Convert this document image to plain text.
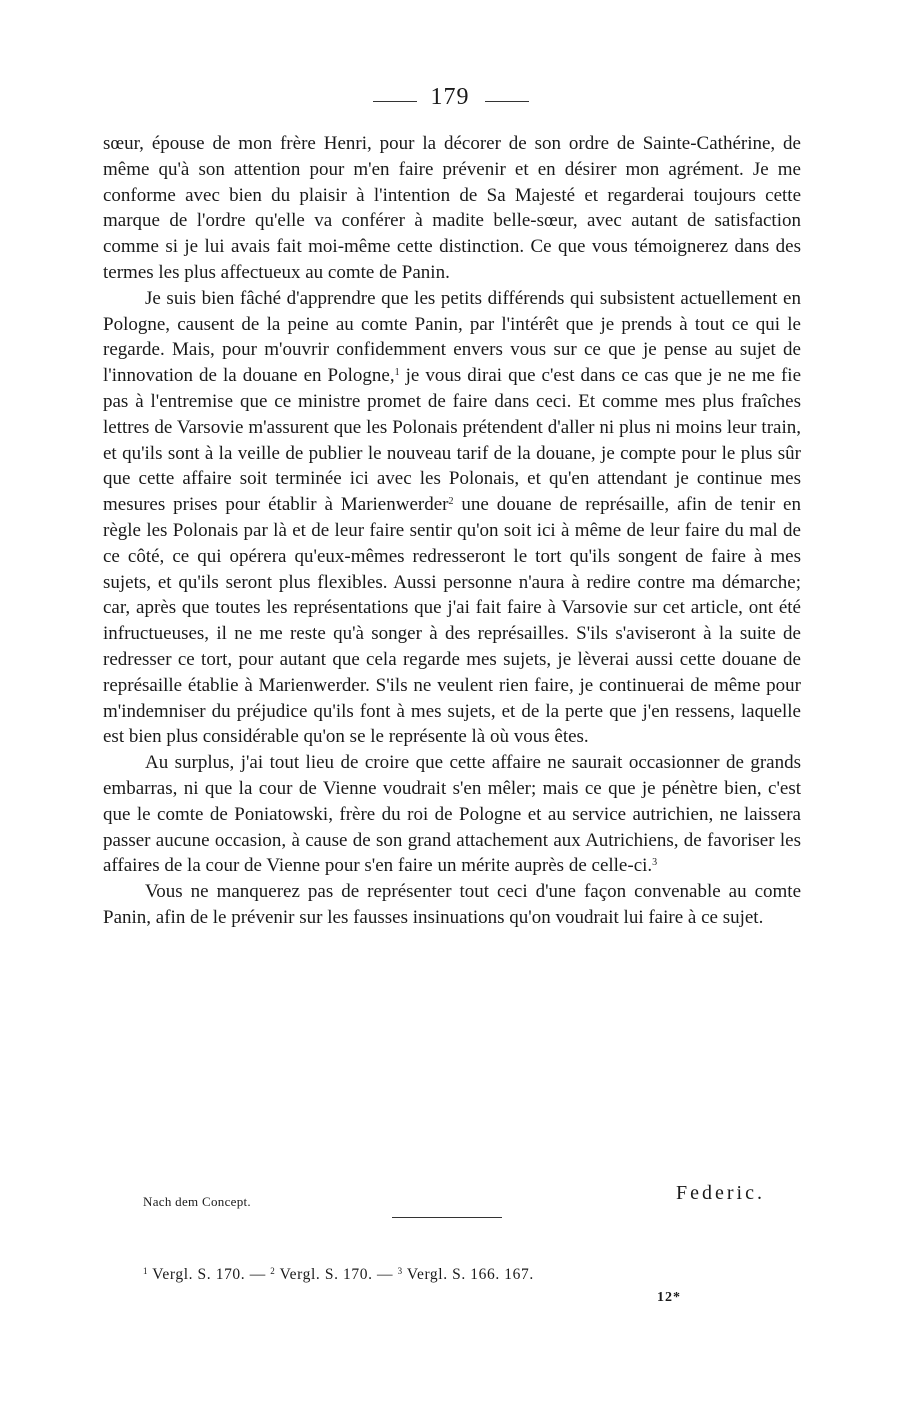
179

sœur, épouse de mon frère Henri, pour la décorer de son ordre de Sainte-Cathérine, de même qu'à son attention pour m'en faire prévenir et en désirer mon agrément. Je me conforme avec bien du plaisir à l'intention de Sa Majesté et regarderai toujours cette marque de l'ordre qu'elle va conférer à madite belle-sœur, avec autant de satisfaction comme si je lui avais fait moi-même cette distinction. Ce que vous témoignerez dans des termes les plus affectueux au comte de Panin.

Je suis bien fâché d'apprendre que les petits différends qui subsistent actuellement en Pologne, causent de la peine au comte Panin, par l'intérêt que je prends à tout ce qui le regarde. Mais, pour m'ouvrir confidemment envers vous sur ce que je pense au sujet de l'innovation de la douane en Pologne,$^1$ je vous dirai que c'est dans ce cas que je ne me fie pas à l'entremise que ce ministre promet de faire dans ceci. Et comme mes plus fraîches lettres de Varsovie m'assurent que les Polonais prétendent d'aller ni plus ni moins leur train, et qu'ils sont à la veille de publier le nouveau tarif de la douane, je compte pour le plus sûr que cette affaire soit terminée ici avec les Polonais, et qu'en attendant je continue mes mesures prises pour établir à Marienwerder$^2$ une douane de représaille, afin de tenir en règle les Polonais par là et de leur faire sentir qu'on soit ici à même de leur faire du mal de ce côté, ce qui opérera qu'eux-mêmes redresseront le tort qu'ils songent de faire à mes sujets, et qu'ils seront plus flexibles. Aussi personne n'aura à redire contre ma démarche; car, après que toutes les représentations que j'ai fait faire à Varsovie sur cet article, ont été infructueuses, il ne me reste qu'à songer à des représailles. S'ils s'aviseront à la suite de redresser ce tort, pour autant que cela regarde mes sujets, je lèverai aussi cette douane de représaille établie à Marienwerder. S'ils ne veulent rien faire, je continuerai de même pour m'indemniser du préjudice qu'ils font à mes sujets, et de la perte que j'en ressens, laquelle est bien plus considérable qu'on se le représente là où vous êtes.

Au surplus, j'ai tout lieu de croire que cette affaire ne saurait occasionner de grands embarras, ni que la cour de Vienne voudrait s'en mêler; mais ce que je pénètre bien, c'est que le comte de Poniatowski, frère du roi de Pologne et au service autrichien, ne laissera passer aucune occasion, à cause de son grand attachement aux Autrichiens, de favoriser les affaires de la cour de Vienne pour s'en faire un mérite auprès de celle-ci.$^3$

Vous ne manquerez pas de représenter tout ceci d'une façon convenable au comte Panin, afin de le prévenir sur les fausses insinuations qu'on voudrait lui faire à ce sujet.

Nach dem Concept.	Federic.
$^1$ Vergl. S. 170. — $^2$ Vergl. S. 170. — $^3$ Vergl. S. 166. 167.
12*
